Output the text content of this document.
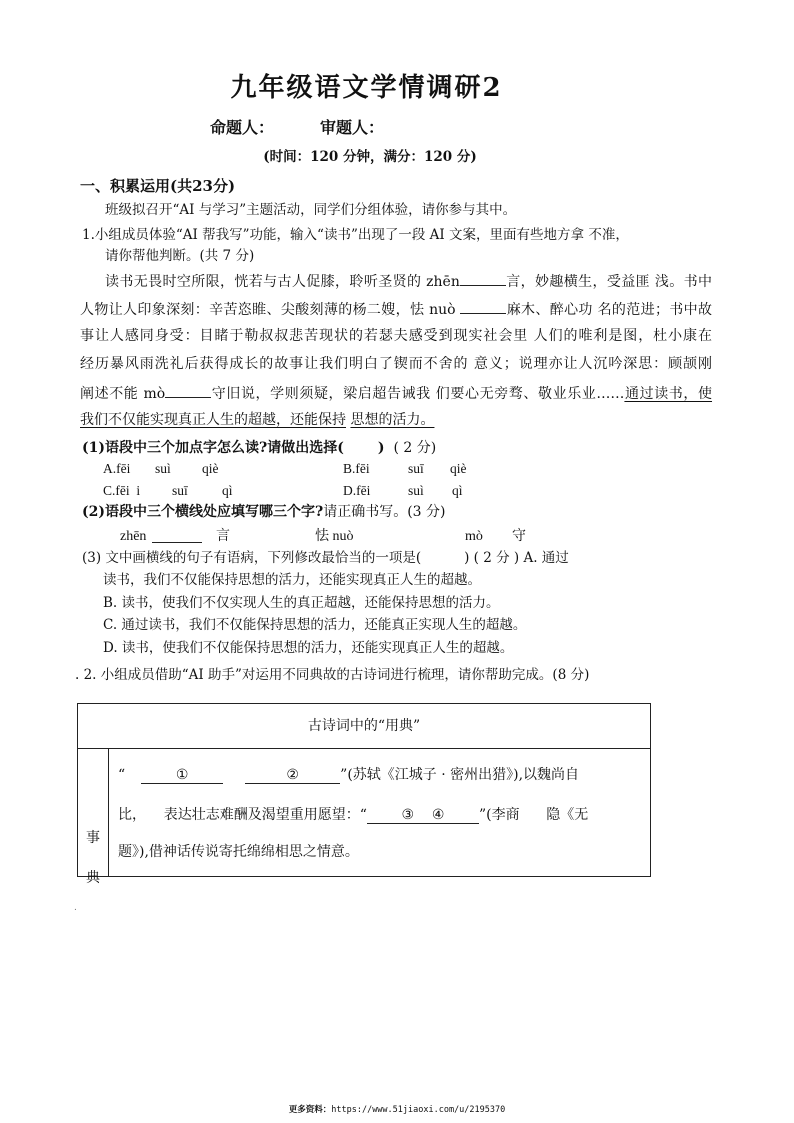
九年级语文学情调研2
命题人：	审题人：
(时间：120 分钟，满分：120 分)
一、积累运用(共23分)
班级拟召开“AI 与学习”主题活动，同学们分组体验，请你参与其中。
1.小组成员体验“AI 帮我写”功能，输入“读书”出现了一段 AI 文案，里面有些地方拿 不准，
请你帮他判断。(共 7 分)
读书无畏时空所限，恍若与古人促膝，聆听圣贤的 zhēn	言，妙趣横生，受益匪 浅。书中
人物让人印象深刻：辛苦恣睢、尖酸刻薄的杨二嫂，怯 nuò	麻木、醉心功 名的范进；书中故
事让人感同身受：目睹于勒叔叔悲苦现状的若瑟夫感受到现实社会里 人们的唯利是图，杜小康在
经历暴风雨洗礼后获得成长的故事让我们明白了锲而不舍的 意义；说理亦让人沉吟深思：顾颉刚
阐述不能 mò	守旧说，学则须疑，梁启超告诫我 们要心无旁骛、敬业乐业……通过读书，使
我们不仅能实现真正人生的超越，还能保持 思想的活力。
(1)语段中三个加点字怎么读?请做出选择(       ) ( 2 分)
A.fēi suì qiè	B.fēi	suī qiè
C.fēi  i suī	qì	D.fēi	suì qì
(2)语段中三个横线处应填写哪三个字?请正确书写。(3 分)
zhēn	言	怯 nuò	mò 守
(3) 文中画横线的句子有语病，下列修改最恰当的一项是(          ) ( 2 分 ) A. 通过
读书，我们不仅能保持思想的活力，还能实现真正人生的超越。
B. 读书，使我们不仅实现人生的真正超越，还能保持思想的活力。
C. 通过读书，我们不仅能保持思想的活力，还能真正实现人生的超越。
D. 读书，使我们不仅能保持思想的活力，还能实现真正人生的超越。
. 2. 小组成员借助“AI 助手”对运用不同典故的古诗词进行梳理，请你帮助完成。(8 分)
古诗词中的“用典”
事
典
“	①	②	”(苏轼《江城子 · 密州出猎》),以魏尚自
比，    表达壮志难酬及渴望重用愿望：“ ③    ④ ”(李商      隐《无
题》),借神话传说寄托绵绵相思之情意。
.
更多资料：https://www.51jiaoxi.com/u/2195370
